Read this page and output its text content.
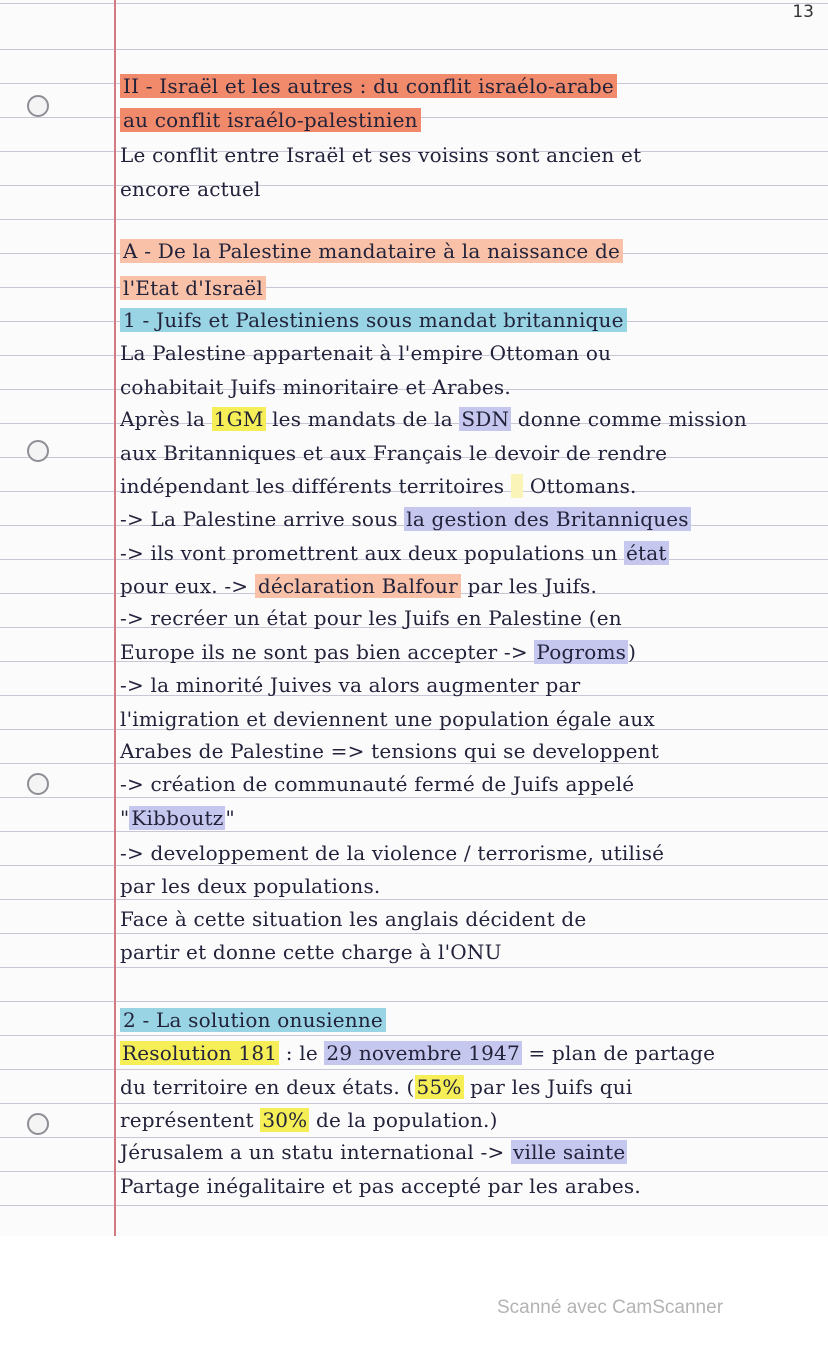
13
II - Israël et les autres : du conflit israélo-arabe
au conflit israélo-palestinien
Le conflit entre Israël et ses voisins sont ancien et
encore actuel
A - De la Palestine mandataire à la naissance de
l'Etat d'Israël
1 - Juifs et Palestiniens sous mandat britannique
La Palestine appartenait à l'empire Ottoman ou
cohabitait Juifs minoritaire et Arabes.
Après la 1GM les mandats de la SDN donne comme mission
aux Britanniques et aux Français le devoir de rendre
indépendant les différents territoires Ottomans.
-> La Palestine arrive sous la gestion des Britanniques
-> ils vont promettrent aux deux populations un état
pour eux. -> déclaration Balfour par les Juifs.
-> recréer un état pour les Juifs en Palestine (en
Europe ils ne sont pas bien accepter -> Pogroms )
-> la minorité Juives va alors augmenter par
l'imigration et deviennent une population égale aux
Arabes de Palestine => tensions qui se developpent
-> création de communauté fermé de Juifs appelé
" Kibboutz "
-> developpement de la violence / terrorisme, utilisé
par les deux populations.
Face à cette situation les anglais décident de
partir et donne cette charge à l'ONU
2 - La solution onusienne
Resolution 181 : le 29 novembre 1947 = plan de partage
du territoire en deux états. ( 55% par les Juifs qui
représentent 30% de la population.)
Jérusalem a un statu international -> ville sainte
Partage inégalitaire et pas accepté par les arabes.
Scanné avec CamScanner
